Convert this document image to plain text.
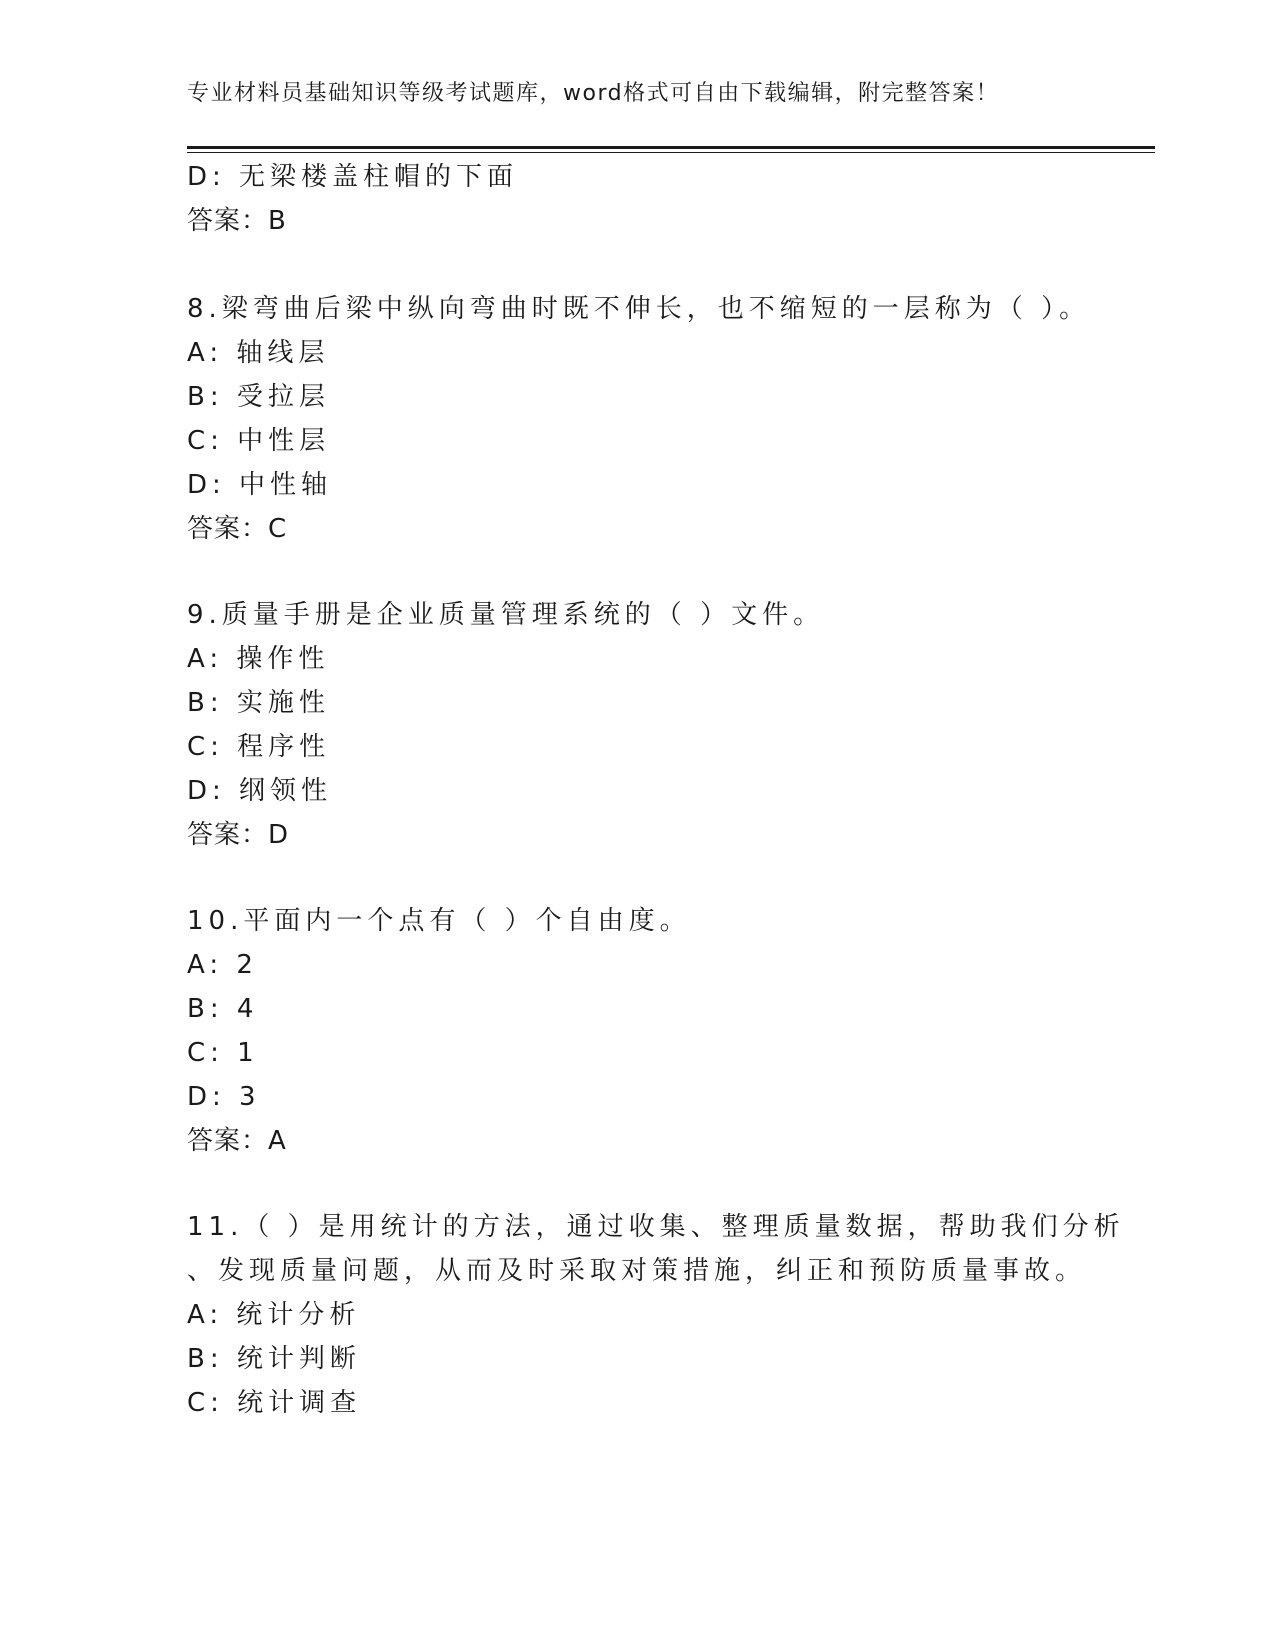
专业材料员基础知识等级考试题库，word格式可自由下载编辑，附完整答案！
D: 无梁楼盖柱帽的下面
答案：B
8.梁弯曲后梁中纵向弯曲时既不伸长，也不缩短的一层称为（ ）。
A: 轴线层
B: 受拉层
C: 中性层
D: 中性轴
答案：C
9.质量手册是企业质量管理系统的（ ）文件。
A: 操作性
B: 实施性
C: 程序性
D: 纲领性
答案：D
10.平面内一个点有（ ）个自由度。
A: 2
B: 4
C: 1
D: 3
答案：A
11.（ ）是用统计的方法，通过收集、整理质量数据，帮助我们分析
、发现质量问题，从而及时采取对策措施，纠正和预防质量事故。
A: 统计分析
B: 统计判断
C: 统计调查
